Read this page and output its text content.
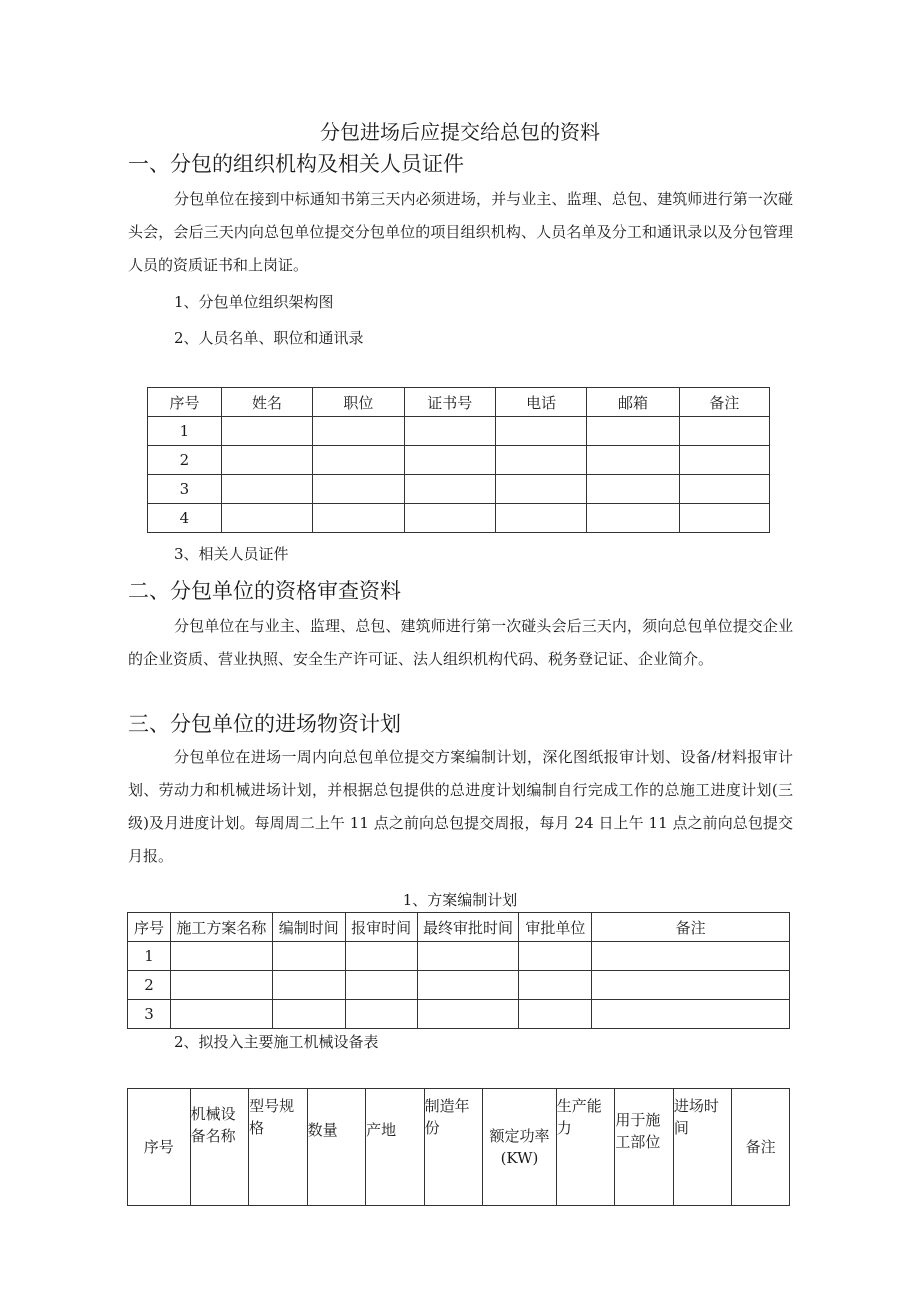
分包进场后应提交给总包的资料
一、分包的组织机构及相关人员证件
分包单位在接到中标通知书第三天内必须进场，并与业主、监理、总包、建筑师进行第一次碰头会，会后三天内向总包单位提交分包单位的项目组织机构、人员名单及分工和通讯录以及分包管理人员的资质证书和上岗证。
1、分包单位组织架构图
2、人员名单、职位和通讯录
序号	姓名	职位	证书号	电话	邮箱	备注
1						
2						
3						
4						
3、相关人员证件
二、分包单位的资格审查资料
分包单位在与业主、监理、总包、建筑师进行第一次碰头会后三天内，须向总包单位提交企业的企业资质、营业执照、安全生产许可证、法人组织机构代码、税务登记证、企业简介。
三、分包单位的进场物资计划
分包单位在进场一周内向总包单位提交方案编制计划，深化图纸报审计划、设备/材料报审计划、劳动力和机械进场计划，并根据总包提供的总进度计划编制自行完成工作的总施工进度计划(三级)及月进度计划。每周周二上午 11 点之前向总包提交周报，每月 24 日上午 11 点之前向总包提交月报。
1、方案编制计划
序号	施工方案名称	编制时间	报审时间	最终审批时间	审批单位	备注
1						
2						
3						
2、拟投入主要施工机械设备表
序号	机械设备名称	型号规格	数量	产地	制造年份	额定功率(KW)	生产能力	用于施工部位	进场时间	备注
